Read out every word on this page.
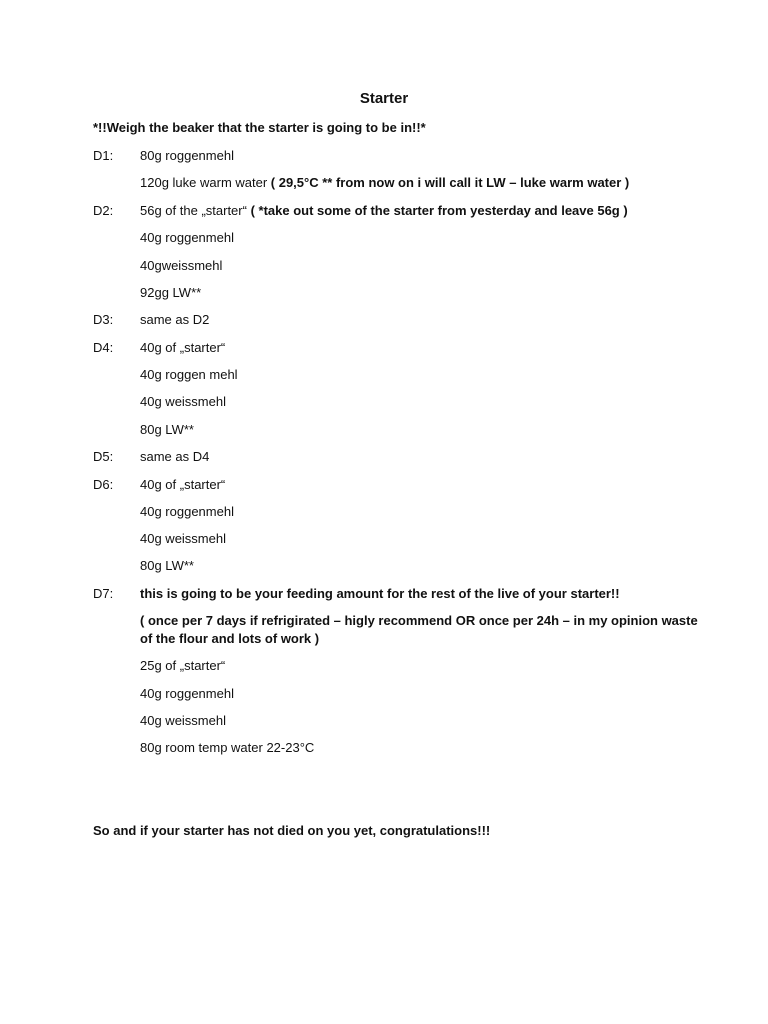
Starter
*!!Weigh the beaker that the starter is going to be in!!*
D1: 80g roggenmehl
120g luke warm water ( 29,5°C ** from now on i will call it LW – luke warm water )
D2: 56g of the „starter“ ( *take out some of the starter from yesterday and leave 56g )
40g roggenmehl
40gweissmehl
92gg LW**
D3: same as D2
D4: 40g of „starter“
40g roggen mehl
40g weissmehl
80g LW**
D5: same as D4
D6: 40g of „starter“
40g roggenmehl
40g weissmehl
80g LW**
D7: this is going to be your feeding amount for the rest of the live of your starter!!
( once per 7 days if refrigirated – higly recommend OR once per 24h – in my opinion waste
of the flour and lots of work )
25g of „starter“
40g roggenmehl
40g weissmehl
80g room temp water 22-23°C
So and if your starter has not died on you yet, congratulations!!!
